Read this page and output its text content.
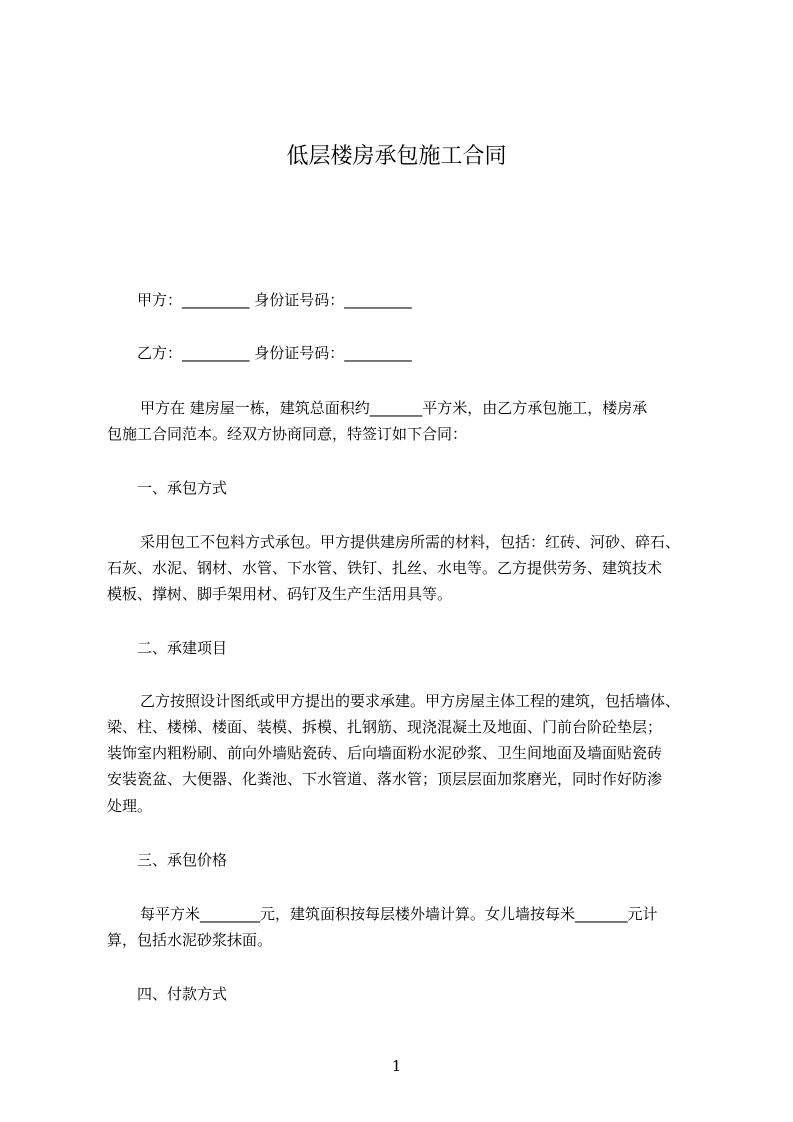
低层楼房承包施工合同

甲方：_________ 身份证号码：_________

乙方：_________ 身份证号码：_________

甲方在 建房屋一栋，建筑总面积约_______平方米，由乙方承包施工，楼房承

包施工合同范本。经双方协商同意，特签订如下合同：

一、承包方式

采用包工不包料方式承包。甲方提供建房所需的材料，包括：红砖、河砂、碎石、

石灰、水泥、钢材、水管、下水管、铁钉、扎丝、水电等。乙方提供劳务、建筑技术

模板、撑树、脚手架用材、码钉及生产生活用具等。

二、承建项目

乙方按照设计图纸或甲方提出的要求承建。甲方房屋主体工程的建筑，包括墙体、

梁、柱、楼梯、楼面、装模、拆模、扎钢筋、现浇混凝土及地面、门前台阶砼垫层；

装饰室内粗粉刷、前向外墙贴瓷砖、后向墙面粉水泥砂浆、卫生间地面及墙面贴瓷砖

安装瓷盆、大便器、化粪池、下水管道、落水管；顶层层面加浆磨光，同时作好防渗

处理。

三、承包价格

每平方米________元，建筑面积按每层楼外墙计算。女儿墙按每米_______元计

算，包括水泥砂浆抹面。

四、付款方式

1
